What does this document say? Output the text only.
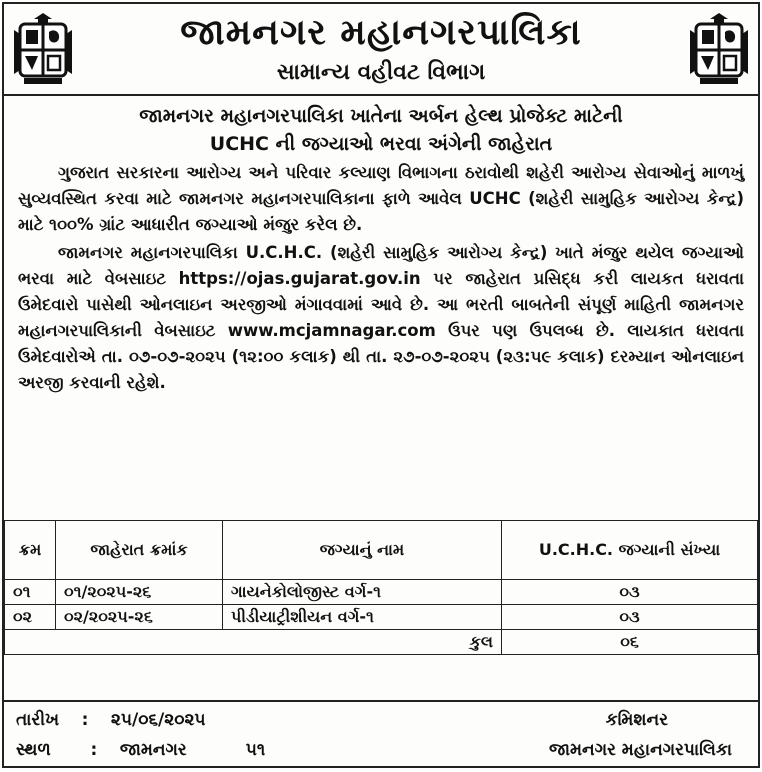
જામનગર મહાનગરપાલિકા
સામાન્ય વહીવટ વિભાગ
જામનગર મહાનગરપાલિકા ખાતેના અર્બન હેલ્થ પ્રોજેક્ટ માટેની
UCHC ની જગ્યાઓ ભરવા અંગેની જાહેરાત

ગુજરાત સરકારના આરોગ્ય અને પરિવાર કલ્યાણ વિભાગના ઠરાવોથી શહેરી આરોગ્ય સેવાઓનું માળખું સુવ્યવસ્થિત કરવા માટે જામનગર મહાનગરપાલિકાના ફાળે આવેલ UCHC (શહેરી સામુહિક આરોગ્ય કેન્દ્ર) માટે ૧૦૦% ગ્રાંટ આધારીત જગ્યાઓ મંજુર કરેલ છે.

જામનગર મહાનગરપાલિકા U.C.H.C. (શહેરી સામુહિક આરોગ્ય કેન્દ્ર) ખાતે મંજુર થયેલ જગ્યાઓ ભરવા માટે વેબસાઇટ https://ojas.gujarat.gov.in પર જાહેરાત પ્રસિદ્ધ કરી લાયકત ધરાવતા ઉમેદવારો પાસેથી ઓનલાઇન અરજીઓ મંગાવવામાં આવે છે. આ ભરતી બાબતેની સંપૂર્ણ માહિતી જામનગર મહાનગરપાલિકાની વેબસાઇટ www.mcjamnagar.com ઉપર પણ ઉપલબ્ધ છે. લાયકાત ધરાવતા ઉમેદવારોએ તા. ૦૭-૦૭-૨૦૨૫ (૧૨:૦૦ કલાક) થી તા. ૨૭-૦૭-૨૦૨૫ (૨૩:૫૯ કલાક) દરમ્યાન ઓનલાઇન અરજી કરવાની રહેશે.

ક્રમ	જાહેરાત ક્રમાંક	જગ્યાનું નામ	U.C.H.C. જગ્યાની સંખ્યા
૦૧	૦૧/૨૦૨૫-૨૬	ગાયનેકોલોજીસ્ટ વર્ગ-૧	૦૩
૦૨	૦૨/૨૦૨૫-૨૬	પીડીયાટ્રીશીયન વર્ગ-૧	૦૩
કુલ			૦૬
તારીખ : ૨૫/૦૬/૨૦૨૫
સ્થળ : જામનગર	૫૧
કમિશનર
જામનગર મહાનગરપાલિકા
